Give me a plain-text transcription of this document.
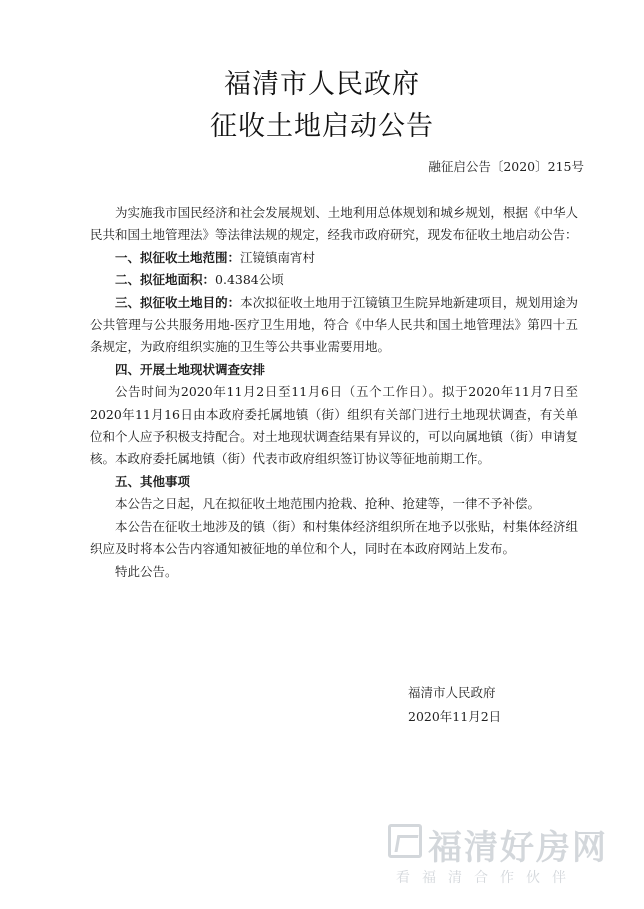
福清市人民政府
征收土地启动公告
融征启公告〔2020〕215号

为实施我市国民经济和社会发展规划、土地利用总体规划和城乡规划，根据《中华人民共和国土地管理法》等法律法规的规定，经我市政府研究，现发布征收土地启动公告：

一、拟征收土地范围：江镜镇南宵村

二、拟征地面积：0.4384公顷

三、拟征收土地目的：本次拟征收土地用于江镜镇卫生院异地新建项目，规划用途为公共管理与公共服务用地-医疗卫生用地，符合《中华人民共和国土地管理法》第四十五条规定，为政府组织实施的卫生等公共事业需要用地。

四、开展土地现状调查安排

公告时间为2020年11月2日至11月6日（五个工作日）。拟于2020年11月7日至2020年11月16日由本政府委托属地镇（街）组织有关部门进行土地现状调查，有关单位和个人应予积极支持配合。对土地现状调查结果有异议的，可以向属地镇（街）申请复核。本政府委托属地镇（街）代表市政府组织签订协议等征地前期工作。

五、其他事项

本公告之日起，凡在拟征收土地范围内抢栽、抢种、抢建等，一律不予补偿。

本公告在征收土地涉及的镇（街）和村集体经济组织所在地予以张贴，村集体经济组织应及时将本公告内容通知被征地的单位和个人，同时在本政府网站上发布。

特此公告。

福清市人民政府
2020年11月2日
福清好房网
看福清合作伙伴
